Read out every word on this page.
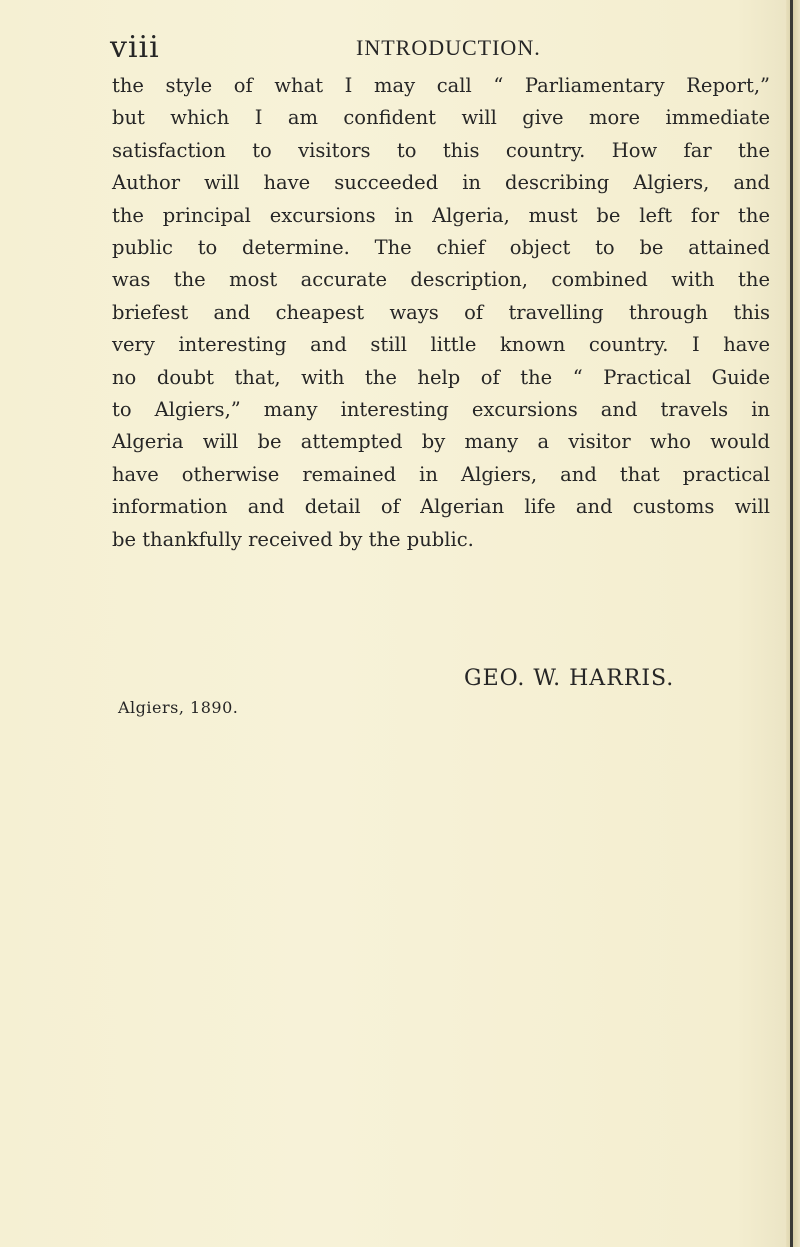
viii	INTRODUCTION.
the style of what I may call “ Parliamentary Report,”
but which I am confident will give more immediate
satisfaction to visitors to this country. How far the
Author will have succeeded in describing Algiers, and
the principal excursions in Algeria, must be left for the
public to determine. The chief object to be attained
was the most accurate description, combined with the
briefest and cheapest ways of travelling through this
very interesting and still little known country. I have
no doubt that, with the help of the “ Practical Guide
to Algiers,” many interesting excursions and travels in
Algeria will be attempted by many a visitor who would
have otherwise remained in Algiers, and that practical
information and detail of Algerian life and customs will
be thankfully received by the public.
GEO. W. HARRIS.
Algiers, 1890.
